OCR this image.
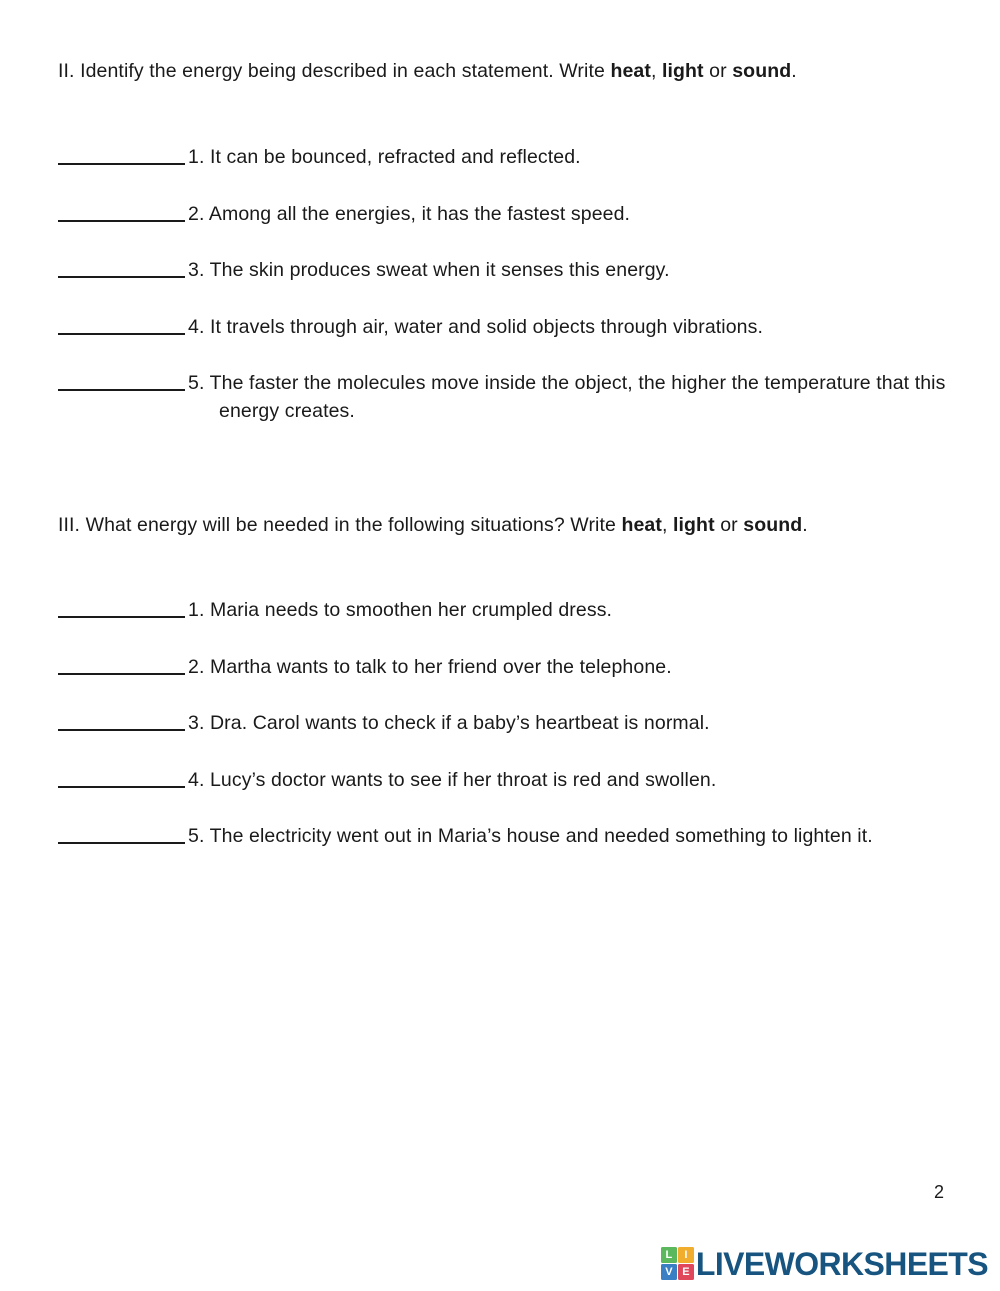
II. Identify the energy being described in each statement. Write heat, light or sound.
1. It can be bounced, refracted and reflected.
2. Among all the energies, it has the fastest speed.
3. The skin produces sweat when it senses this energy.
4. It travels through air, water and solid objects through vibrations.
5. The faster the molecules move inside the object, the higher the temperature that this energy creates.
III. What energy will be needed in the following situations? Write heat, light or sound.
1. Maria needs to smoothen her crumpled dress.
2. Martha wants to talk to her friend over the telephone.
3. Dra. Carol wants to check if a baby’s heartbeat is normal.
4. Lucy’s doctor wants to see if her throat is red and swollen.
5. The electricity went out in Maria’s house and needed something to lighten it.
2
L	I
V E LIVEWORKSHEETS
